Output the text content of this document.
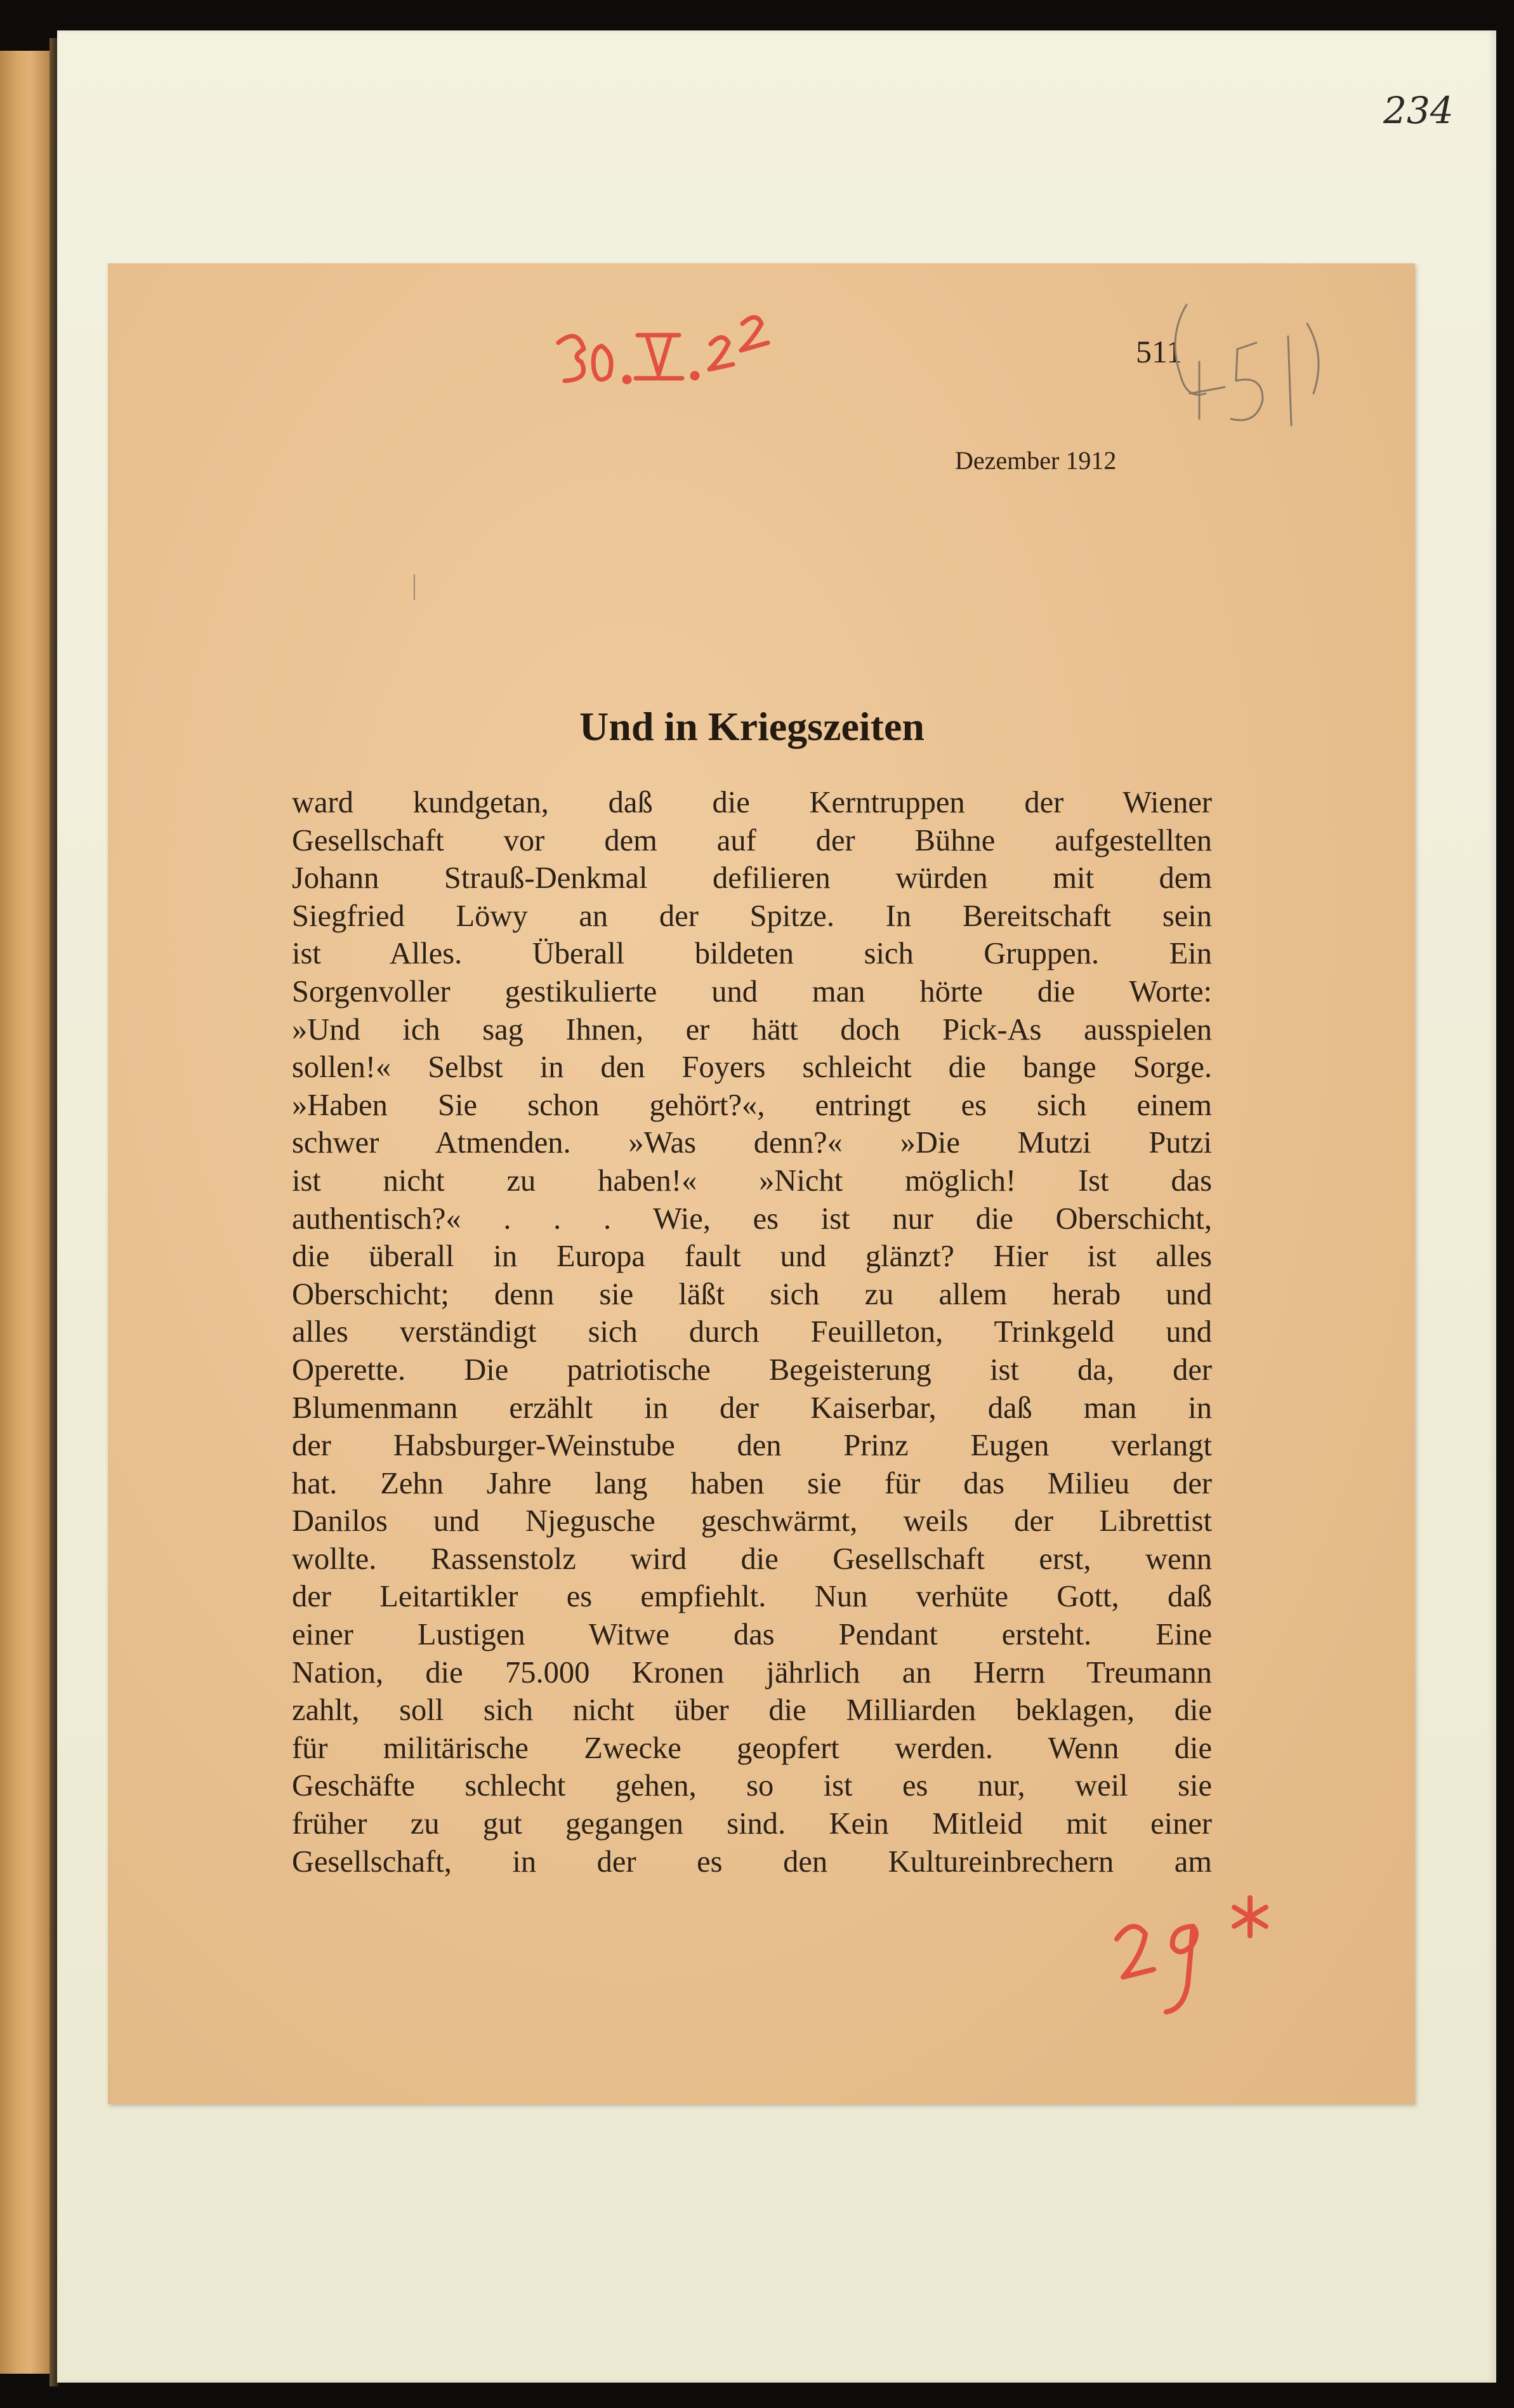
234
511
Dezember 1912
Und in Kriegszeiten
ward kundgetan, daß die Kerntruppen der Wiener
Gesellschaft vor dem auf der Bühne aufgestellten
Johann Strauß-Denkmal defilieren würden mit dem
Siegfried Löwy an der Spitze. In Bereitschaft sein
ist Alles. Überall bildeten sich Gruppen. Ein
Sorgenvoller gestikulierte und man hörte die Worte:
»Und ich sag Ihnen, er hätt doch Pick-As ausspielen
sollen!« Selbst in den Foyers schleicht die bange Sorge.
»Haben Sie schon gehört?«, entringt es sich einem
schwer Atmenden. »Was denn?« »Die Mutzi Putzi
ist nicht zu haben!« »Nicht möglich! Ist das
authentisch?« . . . Wie, es ist nur die Oberschicht,
die überall in Europa fault und glänzt? Hier ist alles
Oberschicht; denn sie läßt sich zu allem herab und
alles verständigt sich durch Feuilleton, Trinkgeld und
Operette. Die patriotische Begeisterung ist da, der
Blumenmann erzählt in der Kaiserbar, daß man in
der Habsburger-Weinstube den Prinz Eugen verlangt
hat. Zehn Jahre lang haben sie für das Milieu der
Danilos und Njegusche geschwärmt, weils der Librettist
wollte. Rassenstolz wird die Gesellschaft erst, wenn
der Leitartikler es empfiehlt. Nun verhüte Gott, daß
einer Lustigen Witwe das Pendant ersteht. Eine
Nation, die 75.000 Kronen jährlich an Herrn Treumann
zahlt, soll sich nicht über die Milliarden beklagen, die
für militärische Zwecke geopfert werden. Wenn die
Geschäfte schlecht gehen, so ist es nur, weil sie
früher zu gut gegangen sind. Kein Mitleid mit einer
Gesellschaft, in der es den Kultureinbrechern am
